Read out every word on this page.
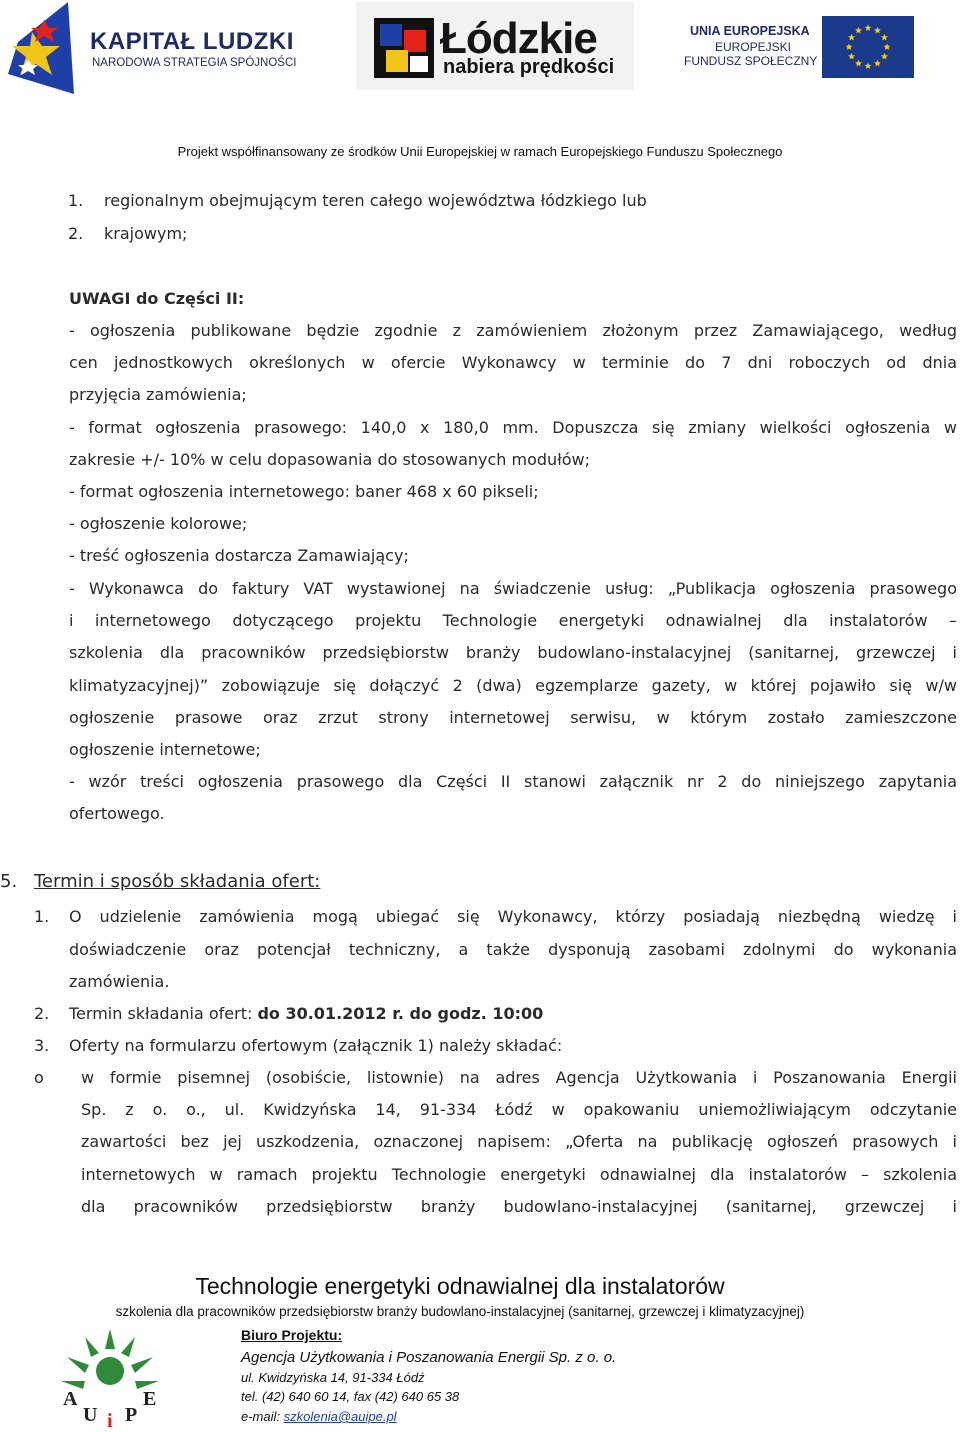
KAPITAŁ LUDZKI
NARODOWA STRATEGIA SPÓJNOŚCI	Łódzkie
nabiera prędkości
UNIA EUROPEJSKA
EUROPEJSKI
FUNDUSZ SPOŁECZNY
Projekt współfinansowany ze środków Unii Europejskiej w ramach Europejskiego Funduszu Społecznego
1. regionalnym obejmującym teren całego województwa łódzkiego lub
2. krajowym;
UWAGI do Części II:
- ogłoszenia publikowane będzie zgodnie z zamówieniem złożonym przez Zamawiającego, według
cen jednostkowych określonych w ofercie Wykonawcy w terminie do 7 dni roboczych od dnia
przyjęcia zamówienia;
- format ogłoszenia prasowego: 140,0 x 180,0 mm. Dopuszcza się zmiany wielkości ogłoszenia w
zakresie +/- 10% w celu dopasowania do stosowanych modułów;
- format ogłoszenia internetowego: baner 468 x 60 pikseli;
- ogłoszenie kolorowe;
- treść ogłoszenia dostarcza Zamawiający;
- Wykonawca do faktury VAT wystawionej na świadczenie usług: „Publikacja ogłoszenia prasowego
i internetowego dotyczącego projektu Technologie energetyki odnawialnej dla instalatorów –
szkolenia dla pracowników przedsiębiorstw branży budowlano-instalacyjnej (sanitarnej, grzewczej i
klimatyzacyjnej)” zobowiązuje się dołączyć 2 (dwa) egzemplarze gazety, w której pojawiło się w/w
ogłoszenie prasowe oraz zrzut strony internetowej serwisu, w którym zostało zamieszczone
ogłoszenie internetowe;
- wzór treści ogłoszenia prasowego dla Części II stanowi załącznik nr 2 do niniejszego zapytania
ofertowego.
5. Termin i sposób składania ofert:
1. O udzielenie zamówienia mogą ubiegać się Wykonawcy, którzy posiadają niezbędną wiedzę i
doświadczenie oraz potencjał techniczny, a także dysponują zasobami zdolnymi do wykonania
zamówienia.
2. Termin składania ofert: do 30.01.2012 r. do godz. 10:00
3. Oferty na formularzu ofertowym (załącznik 1) należy składać:
o w formie pisemnej (osobiście, listownie) na adres Agencja Użytkowania i Poszanowania Energii
Sp. z o. o., ul. Kwidzyńska 14, 91-334 Łódź w opakowaniu uniemożliwiającym odczytanie
zawartości bez jej uszkodzenia, oznaczonej napisem: „Oferta na publikację ogłoszeń prasowych i
internetowych w ramach projektu Technologie energetyki odnawialnej dla instalatorów – szkolenia
dla pracowników przedsiębiorstw branży budowlano-instalacyjnej (sanitarnej, grzewczej i
Technologie energetyki odnawialnej dla instalatorów
szkolenia dla pracowników przedsiębiorstw branży budowlano-instalacyjnej (sanitarnej, grzewczej i klimatyzacyjnej)
A
U i P
E
Biuro Projektu:
Agencja Użytkowania i Poszanowania Energii Sp. z o. o.
ul. Kwidzyńska 14, 91-334 Łódź
tel. (42) 640 60 14, fax (42) 640 65 38
e-mail: szkolenia@auipe.pl
